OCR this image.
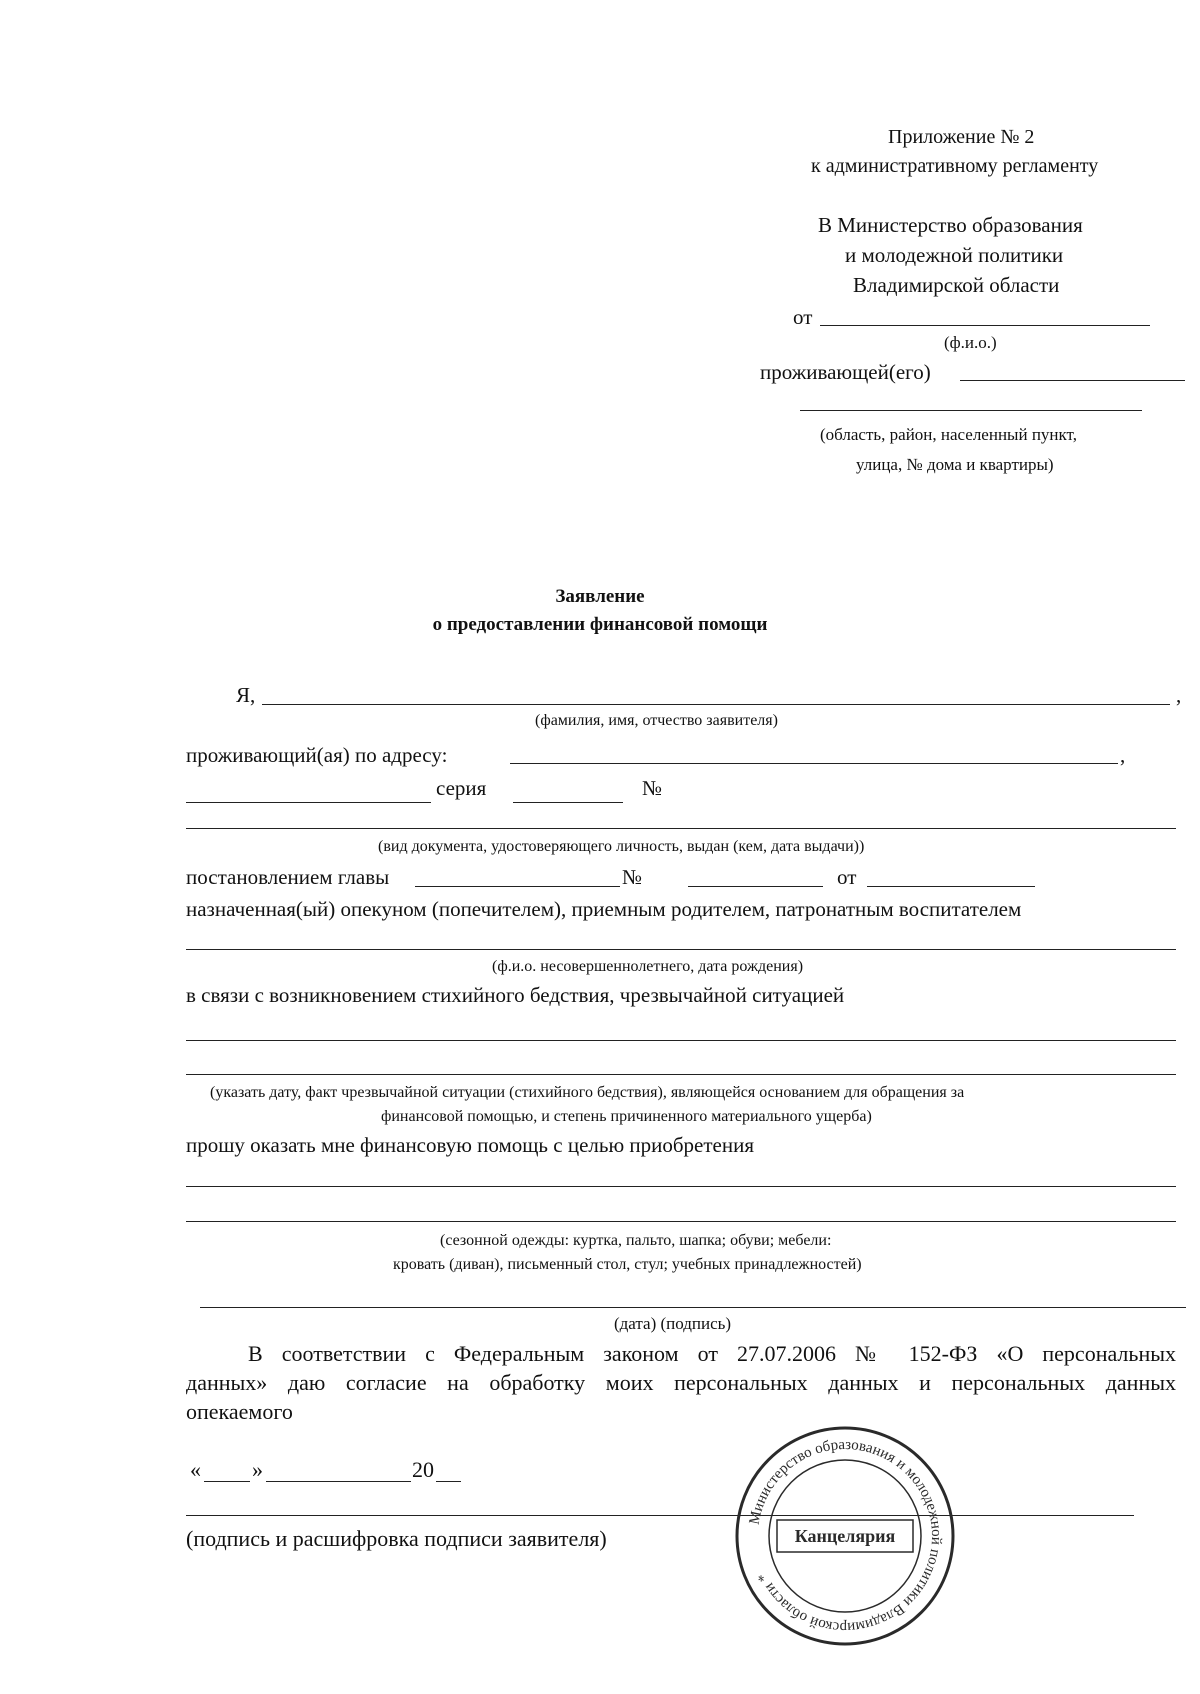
Приложение № 2
к административному регламенту
В Министерство образования
и молодежной политики
Владимирской области
от
(ф.и.о.)
проживающей(его)
(область, район, населенный пункт,
улица, № дома и квартиры)
Заявление
о предоставлении финансовой помощи
Я,	,
(фамилия, имя, отчество заявителя)
проживающий(ая) по адресу:	,
серия	№
(вид документа, удостоверяющего личность, выдан (кем, дата выдачи))
постановлением главы	№	от
назначенная(ый) опекуном (попечителем), приемным родителем, патронатным воспитателем
(ф.и.о. несовершеннолетнего, дата рождения)
в связи с возникновением стихийного бедствия, чрезвычайной ситуацией
(указать дату, факт чрезвычайной ситуации (стихийного бедствия), являющейся основанием для обращения за
финансовой помощью, и степень причиненного материального ущерба)
прошу оказать мне финансовую помощь с целью приобретения
(сезонной одежды: куртка, пальто, шапка; обуви; мебели:
кровать (диван), письменный стол, стул; учебных принадлежностей)
(дата) (подпись)
В соответствии с Федеральным законом от 27.07.2006 № 152-ФЗ «О персональных
данных» даю согласие на обработку моих персональных данных и персональных данных
опекаемого
« »	20
(подпись и расшифровка подписи заявителя)
Министерство образования и молодежной политики Владимирской области *
Канцелярия
